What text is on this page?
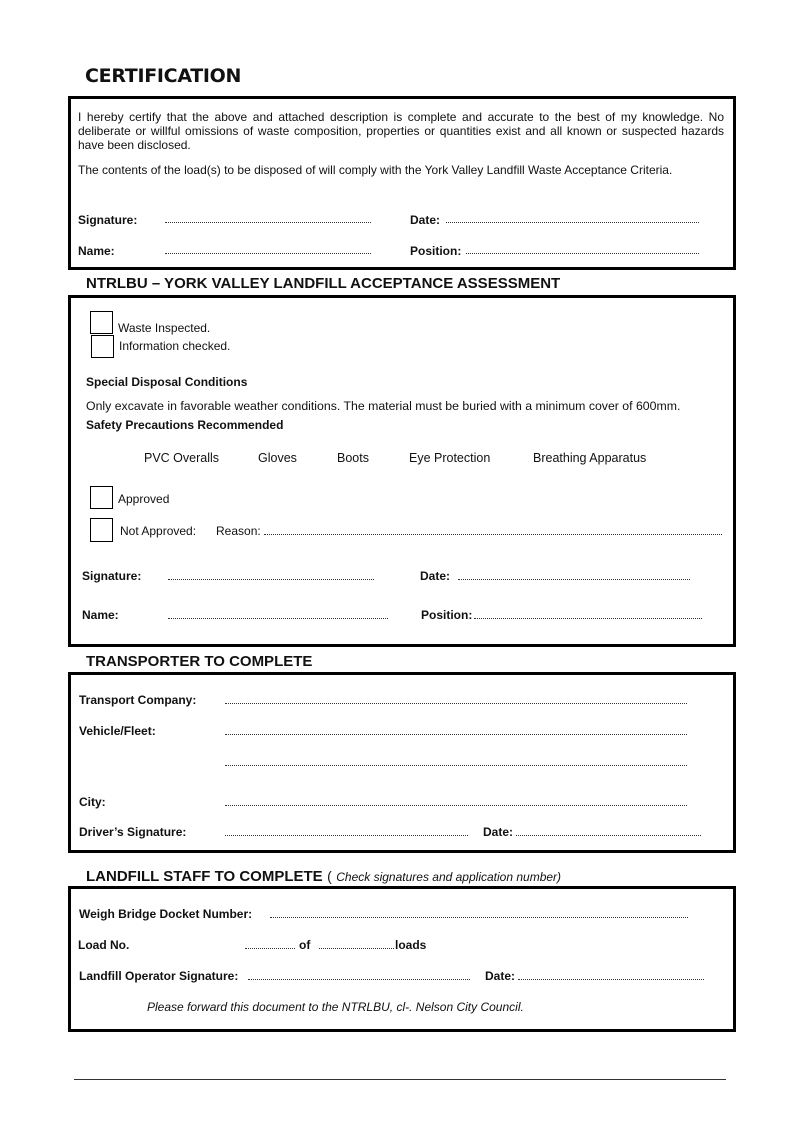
CERTIFICATION
I hereby certify that the above and attached description is complete and accurate to the best of my knowledge. No deliberate or willful omissions of waste composition, properties or quantities exist and all known or suspected hazards have been disclosed.
The contents of the load(s) to be disposed of will comply with the York Valley Landfill Waste Acceptance Criteria.
Signature:	Date:
Name:	Position:
NTRLBU – YORK VALLEY LANDFILL ACCEPTANCE ASSESSMENT
Waste Inspected.
Information checked.
Special Disposal Conditions
Only excavate in favorable weather conditions. The material must be buried with a minimum cover of 600mm.
Safety Precautions Recommended
PVC Overalls	Gloves	Boots	Eye Protection	Breathing Apparatus
Approved
Not Approved: Reason:
Signature:	Date:
Name:	Position:
TRANSPORTER TO COMPLETE
Transport Company:
Vehicle/Fleet:
City:
Driver’s Signature:	Date:
LANDFILL STAFF TO COMPLETE ( Check signatures and application number)
Weigh Bridge Docket Number:
Load No.	of	loads
Landfill Operator Signature:	Date:
Please forward this document to the NTRLBU, cl-. Nelson City Council.
